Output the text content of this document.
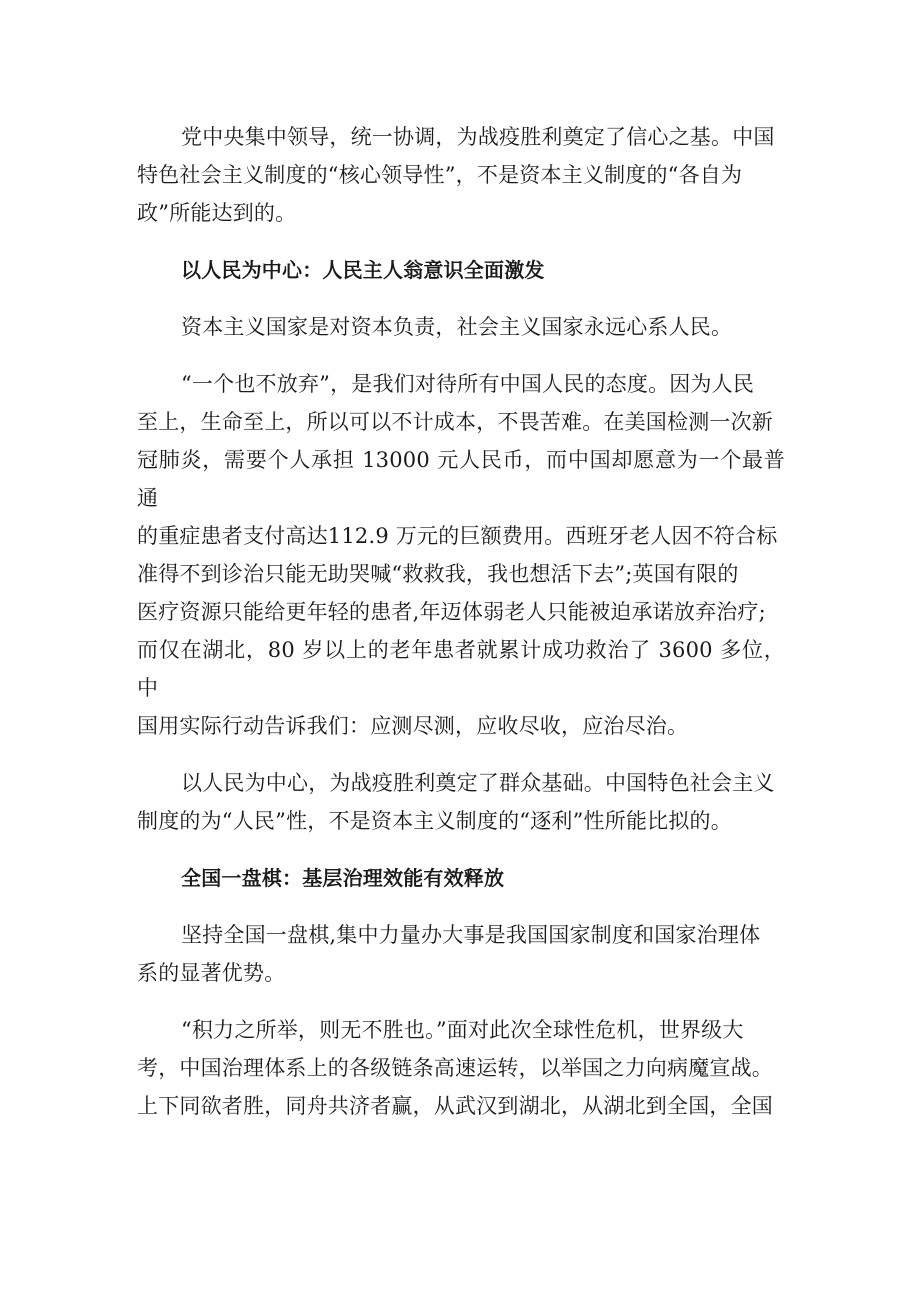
党中央集中领导，统一协调，为战疫胜利奠定了信心之基。中国
特色社会主义制度的“核心领导性”，不是资本主义制度的“各自为
政”所能达到的。

以人民为中心：人民主人翁意识全面激发

资本主义国家是对资本负责，社会主义国家永远心系人民。

“一个也不放弃”，是我们对待所有中国人民的态度。因为人民
至上，生命至上，所以可以不计成本，不畏苦难。在美国检测一次新
冠肺炎，需要个人承担 13000 元人民币，而中国却愿意为一个最普通
的重症患者支付高达112.9 万元的巨额费用。西班牙老人因不符合标
准得不到诊治只能无助哭喊“救救我，我也想活下去”;英国有限的
医疗资源只能给更年轻的患者,年迈体弱老人只能被迫承诺放弃治疗;
而仅在湖北，80 岁以上的老年患者就累计成功救治了 3600 多位，中
国用实际行动告诉我们：应测尽测，应收尽收，应治尽治。

以人民为中心，为战疫胜利奠定了群众基础。中国特色社会主义
制度的为“人民”性，不是资本主义制度的“逐利”性所能比拟的。

全国一盘棋：基层治理效能有效释放

坚持全国一盘棋,集中力量办大事是我国国家制度和国家治理体
系的显著优势。

“积力之所举，则无不胜也。”面对此次全球性危机，世界级大
考，中国治理体系上的各级链条高速运转，以举国之力向病魔宣战。
上下同欲者胜，同舟共济者赢，从武汉到湖北，从湖北到全国，全国
